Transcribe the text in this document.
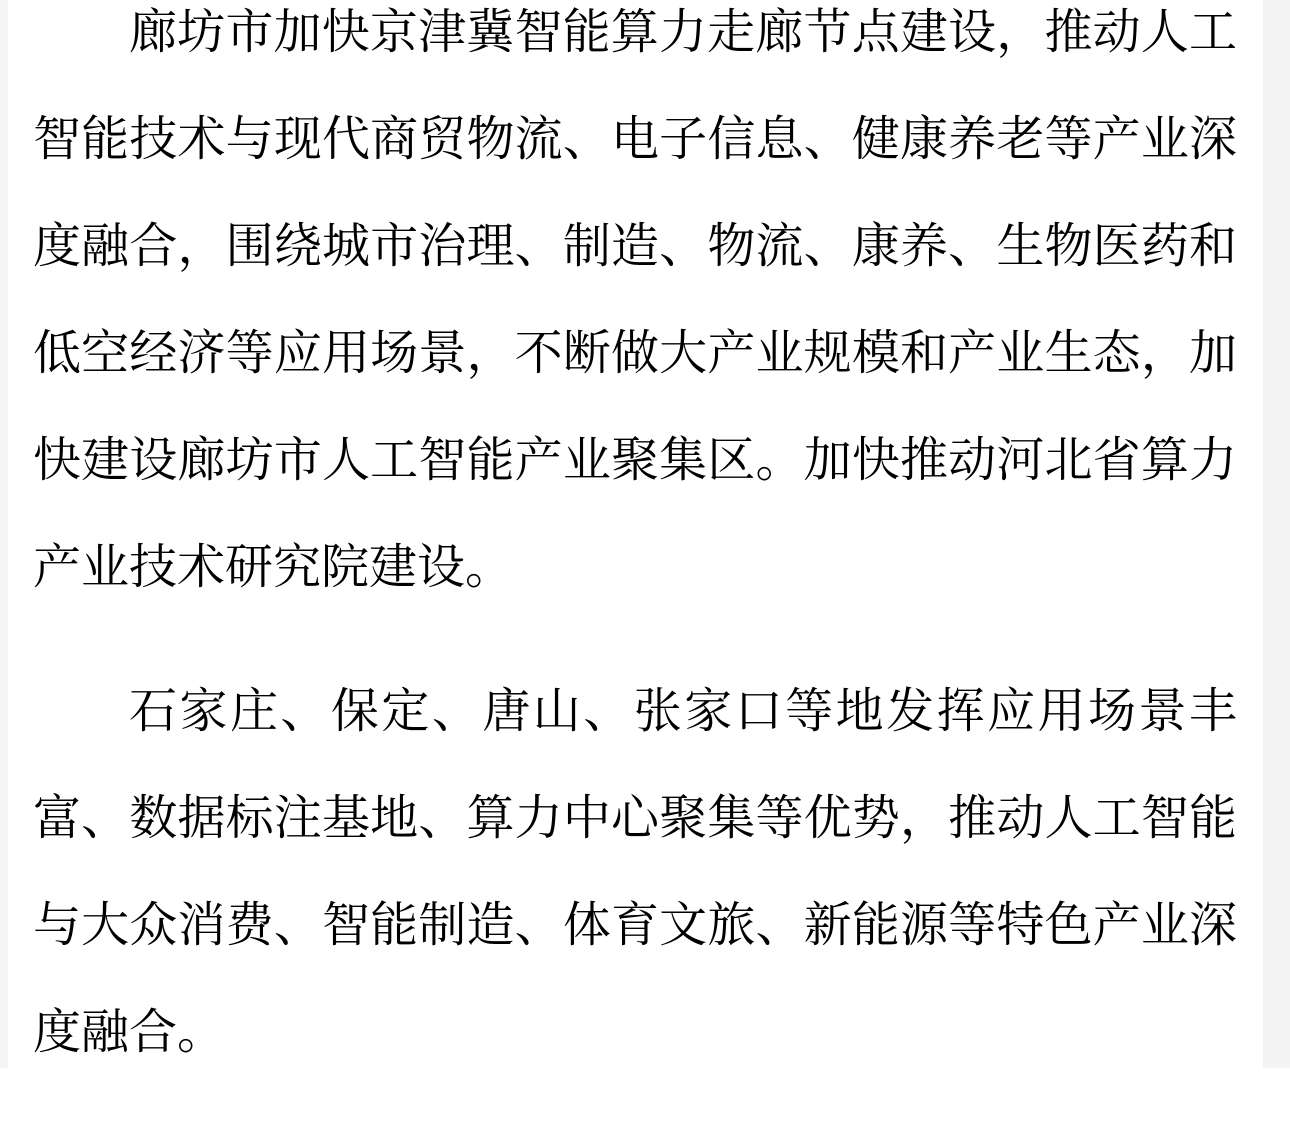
廊坊市加快京津冀智能算力走廊节点建设，推动人工智能技术与现代商贸物流、电子信息、健康养老等产业深度融合，围绕城市治理、制造、物流、康养、生物医药和低空经济等应用场景，不断做大产业规模和产业生态，加快建设廊坊市人工智能产业聚集区。加快推动河北省算力产业技术研究院建设。

石家庄、保定、唐山、张家口等地发挥应用场景丰富、数据标注基地、算力中心聚集等优势，推动人工智能与大众消费、智能制造、体育文旅、新能源等特色产业深度融合。
